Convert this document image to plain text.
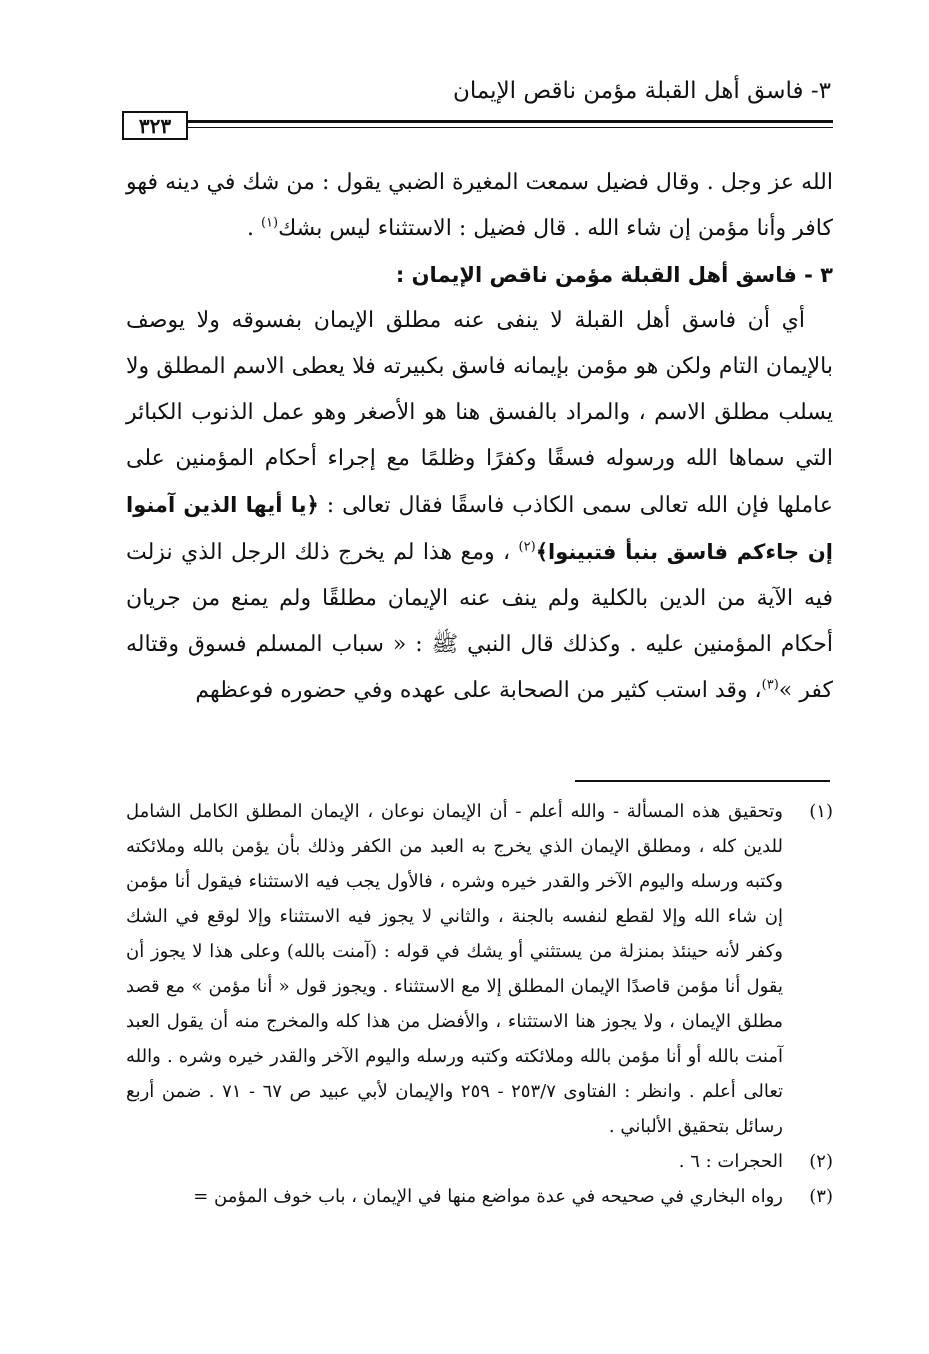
٣- فاسق أهل القبلة مؤمن ناقص الإيمان
٣٢٣

الله عز وجل . وقال فضيل سمعت المغيرة الضبي يقول : من شك في دينه فهو كافر وأنا مؤمن إن شاء الله . قال فضيل : الاستثناء ليس بشك$^{(١)}$ .

٣ - فاسق أهل القبلة مؤمن ناقص الإيمان :

أي أن فاسق أهل القبلة لا ينفى عنه مطلق الإيمان بفسوقه ولا يوصف بالإيمان التام ولكن هو مؤمن بإيمانه فاسق بكبيرته فلا يعطى الاسم المطلق ولا يسلب مطلق الاسم ، والمراد بالفسق هنا هو الأصغر وهو عمل الذنوب الكبائر التي سماها الله ورسوله فسقًا وكفرًا وظلمًا مع إجراء أحكام المؤمنين على عاملها فإن الله تعالى سمى الكاذب فاسقًا فقال تعالى : ﴿يا أيها الذين آمنوا إن جاءكم فاسق بنبأ فتبينوا﴾$^{(٢)}$ ، ومع هذا لم يخرج ذلك الرجل الذي نزلت فيه الآية من الدين بالكلية ولم ينف عنه الإيمان مطلقًا ولم يمنع من جريان أحكام المؤمنين عليه . وكذلك قال النبي ﷺ : « سباب المسلم فسوق وقتاله كفر »$^{(٣)}$، وقد استب كثير من الصحابة على عهده وفي حضوره فوعظهم

(١)
وتحقيق هذه المسألة - والله أعلم - أن الإيمان نوعان ، الإيمان المطلق الكامل الشامل للدين كله ، ومطلق الإيمان الذي يخرج به العبد من الكفر وذلك بأن يؤمن بالله وملائكته وكتبه ورسله واليوم الآخر والقدر خيره وشره ، فالأول يجب فيه الاستثناء فيقول أنا مؤمن إن شاء الله وإلا لقطع لنفسه بالجنة ، والثاني لا يجوز فيه الاستثناء وإلا لوقع في الشك وكفر لأنه حينئذ بمنزلة من يستثني أو يشك في قوله : (آمنت بالله) وعلى هذا لا يجوز أن يقول أنا مؤمن قاصدًا الإيمان المطلق إلا مع الاستثناء . ويجوز قول « أنا مؤمن » مع قصد مطلق الإيمان ، ولا يجوز هنا الاستثناء ، والأفضل من هذا كله والمخرج منه أن يقول العبد آمنت بالله أو أنا مؤمن بالله وملائكته وكتبه ورسله واليوم الآخر والقدر خيره وشره . والله تعالى أعلم . وانظر : الفتاوى ٢٥٣/٧ - ٢٥٩ والإيمان لأبي عبيد ص ٦٧ - ٧١ . ضمن أربع رسائل بتحقيق الألباني .
(٢)
الحجرات : ٦ .
(٣)
رواه البخاري في صحيحه في عدة مواضع منها في الإيمان ، باب خوف المؤمن =
